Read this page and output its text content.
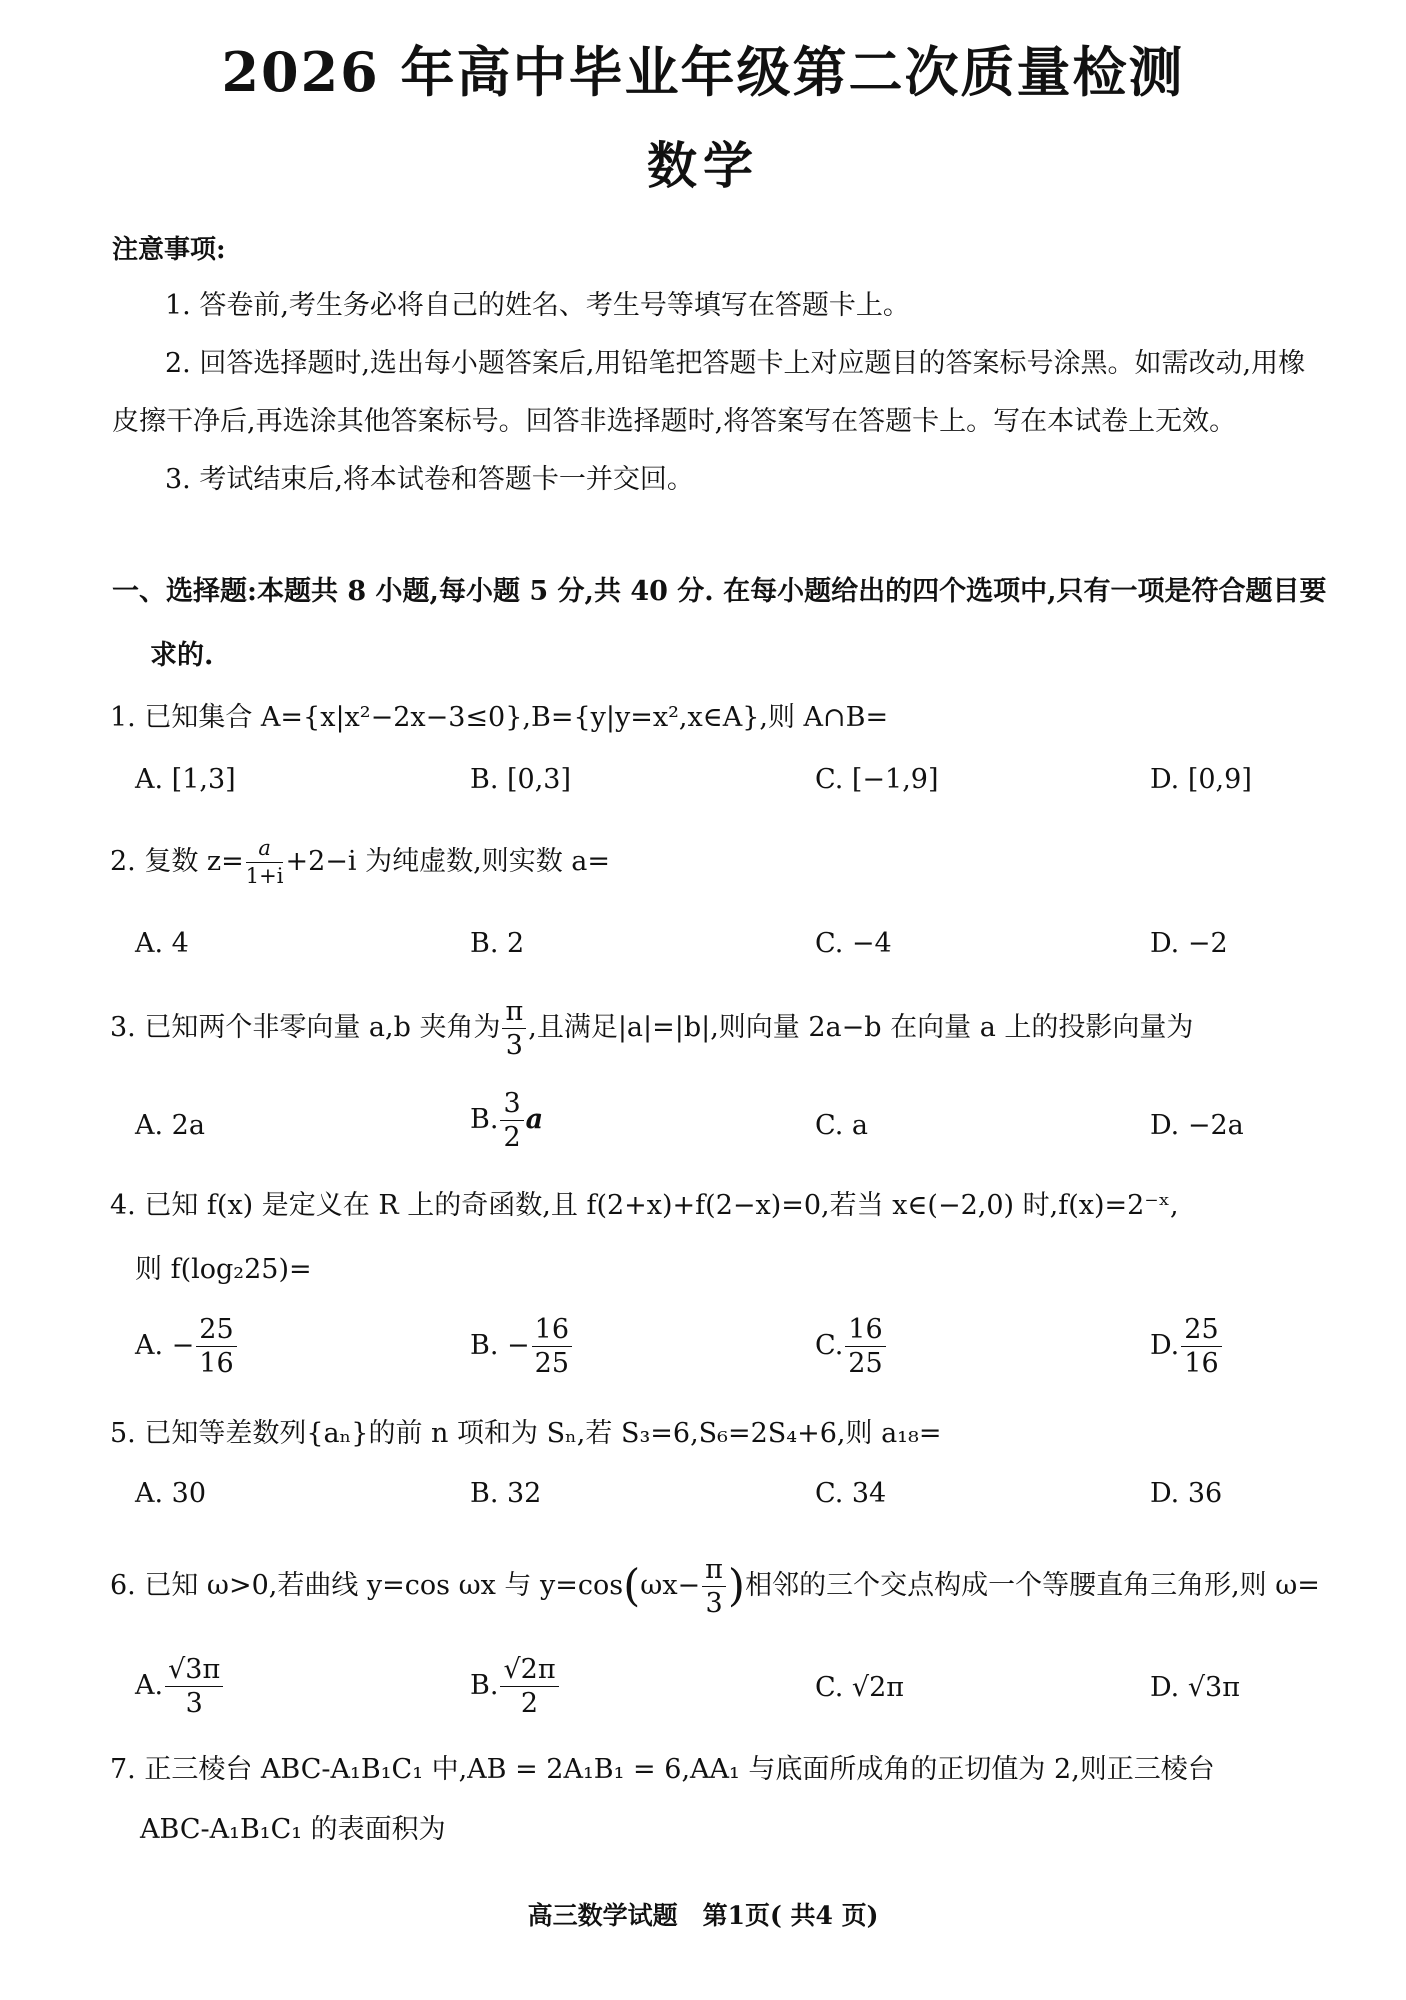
2026 年高中毕业年级第二次质量检测
数学
注意事项:
1. 答卷前,考生务必将自己的姓名、考生号等填写在答题卡上。
2. 回答选择题时,选出每小题答案后,用铅笔把答题卡上对应题目的答案标号涂黑。如需改动,用橡
皮擦干净后,再选涂其他答案标号。回答非选择题时,将答案写在答题卡上。写在本试卷上无效。
3. 考试结束后,将本试卷和答题卡一并交回。
一、选择题:本题共 8 小题,每小题 5 分,共 40 分. 在每小题给出的四个选项中,只有一项是符合题目要
求的.
1. 已知集合 A={x|x²−2x−3≤0},B={y|y=x²,x∈A},则 A∩B=
A. [1,3]	B. [0,3]	C. [−1,9]	D. [0,9]
2. 复数 $z= \frac{a}{1+i} +2-i$ 为纯虚数,则实数 a=
A. 4	B. 2	C. −4	D. −2
3. 已知两个非零向量 a,b 夹角为 $\frac{\pi}{3}$ ,且满足|a|=|b|,则向量 2a−b 在向量 a 上的投影向量为
A. 2a	B. $\frac{3}{2}$ a	C. a	D. −2a
4. 已知 f(x) 是定义在 R 上的奇函数,且 f(2+x)+f(2−x)=0,若当 x∈(−2,0) 时,f(x)=2⁻ˣ,
则 f(log₂25)=
A. − $\frac{25}{16}$	B. − $\frac{16}{25}$	C. $\frac{16}{25}$	D. $\frac{25}{16}$
5. 已知等差数列{aₙ}的前 n 项和为 Sₙ,若 S₃=6,S₆=2S₄+6,则 a₁₈=
A. 30	B. 32	C. 34	D. 36
6. 已知 ω>0,若曲线 y=cos ωx 与 $y=\cos(\omega x- \frac{\pi}{3}$ )相邻的三个交点构成一个等腰直角三角形,则 ω=
A. $\frac{√3\pi}{3}$	B. $\frac{√2\pi}{2}$	C. √2π	D. √3π
7. 正三棱台 ABC-A₁B₁C₁ 中,AB = 2A₁B₁ = 6,AA₁ 与底面所成角的正切值为 2,则正三棱台
ABC-A₁B₁C₁ 的表面积为
高三数学试题　第1页( 共4 页)
